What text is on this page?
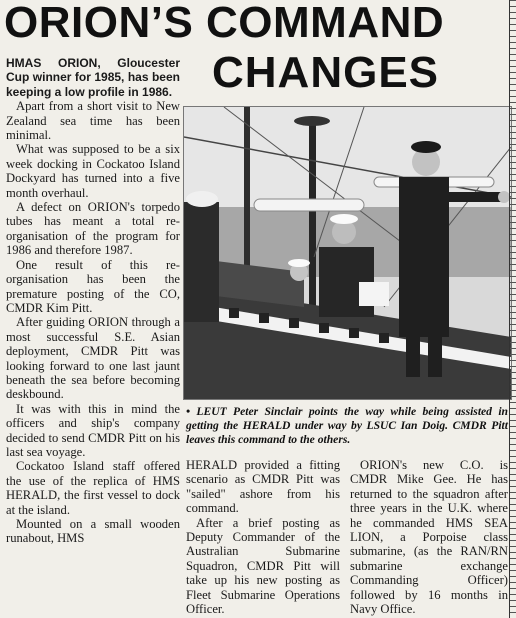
ORION’S COMMAND
CHANGES

HMAS ORION, Gloucester Cup winner for 1985, has been keeping a low profile in 1986.

Apart from a short visit to New Zealand sea time has been minimal.

What was supposed to be a six week docking in Cockatoo Island Dockyard has turned into a five month overhaul.

A defect on ORION's torpedo tubes has meant a total re-organisation of the program for 1986 and therefore 1987.

One result of this re-organisation has been the premature posting of the CO, CMDR Kim Pitt.

After guiding ORION through a most successful S.E. Asian deployment, CMDR Pitt was looking forward to one last jaunt beneath the sea before becoming deskbound.

It was with this in mind the officers and ship's company decided to send CMDR Pitt on his last sea voyage.

Cockatoo Island staff offered the use of the replica of HMS HERALD, the first vessel to dock at the island.

Mounted on a small wooden runabout, HMS

• LEUT Peter Sinclair points the way while being assisted in getting the HERALD under way by LSUC Ian Doig. CMDR Pitt leaves this command to the others.

HERALD provided a fitting scenario as CMDR Pitt was "sailed" ashore from his command.

After a brief posting as Deputy Commander of the Australian Submarine Squadron, CMDR Pitt will take up his new posting as Fleet Submarine Operations Officer.

ORION's new C.O. is CMDR Mike Gee. He has returned to the squadron after three years in the U.K. where he commanded HMS SEA LION, a Porpoise class submarine, (as the RAN/RN submarine exchange Commanding Officer) followed by 16 months in Navy Office.
